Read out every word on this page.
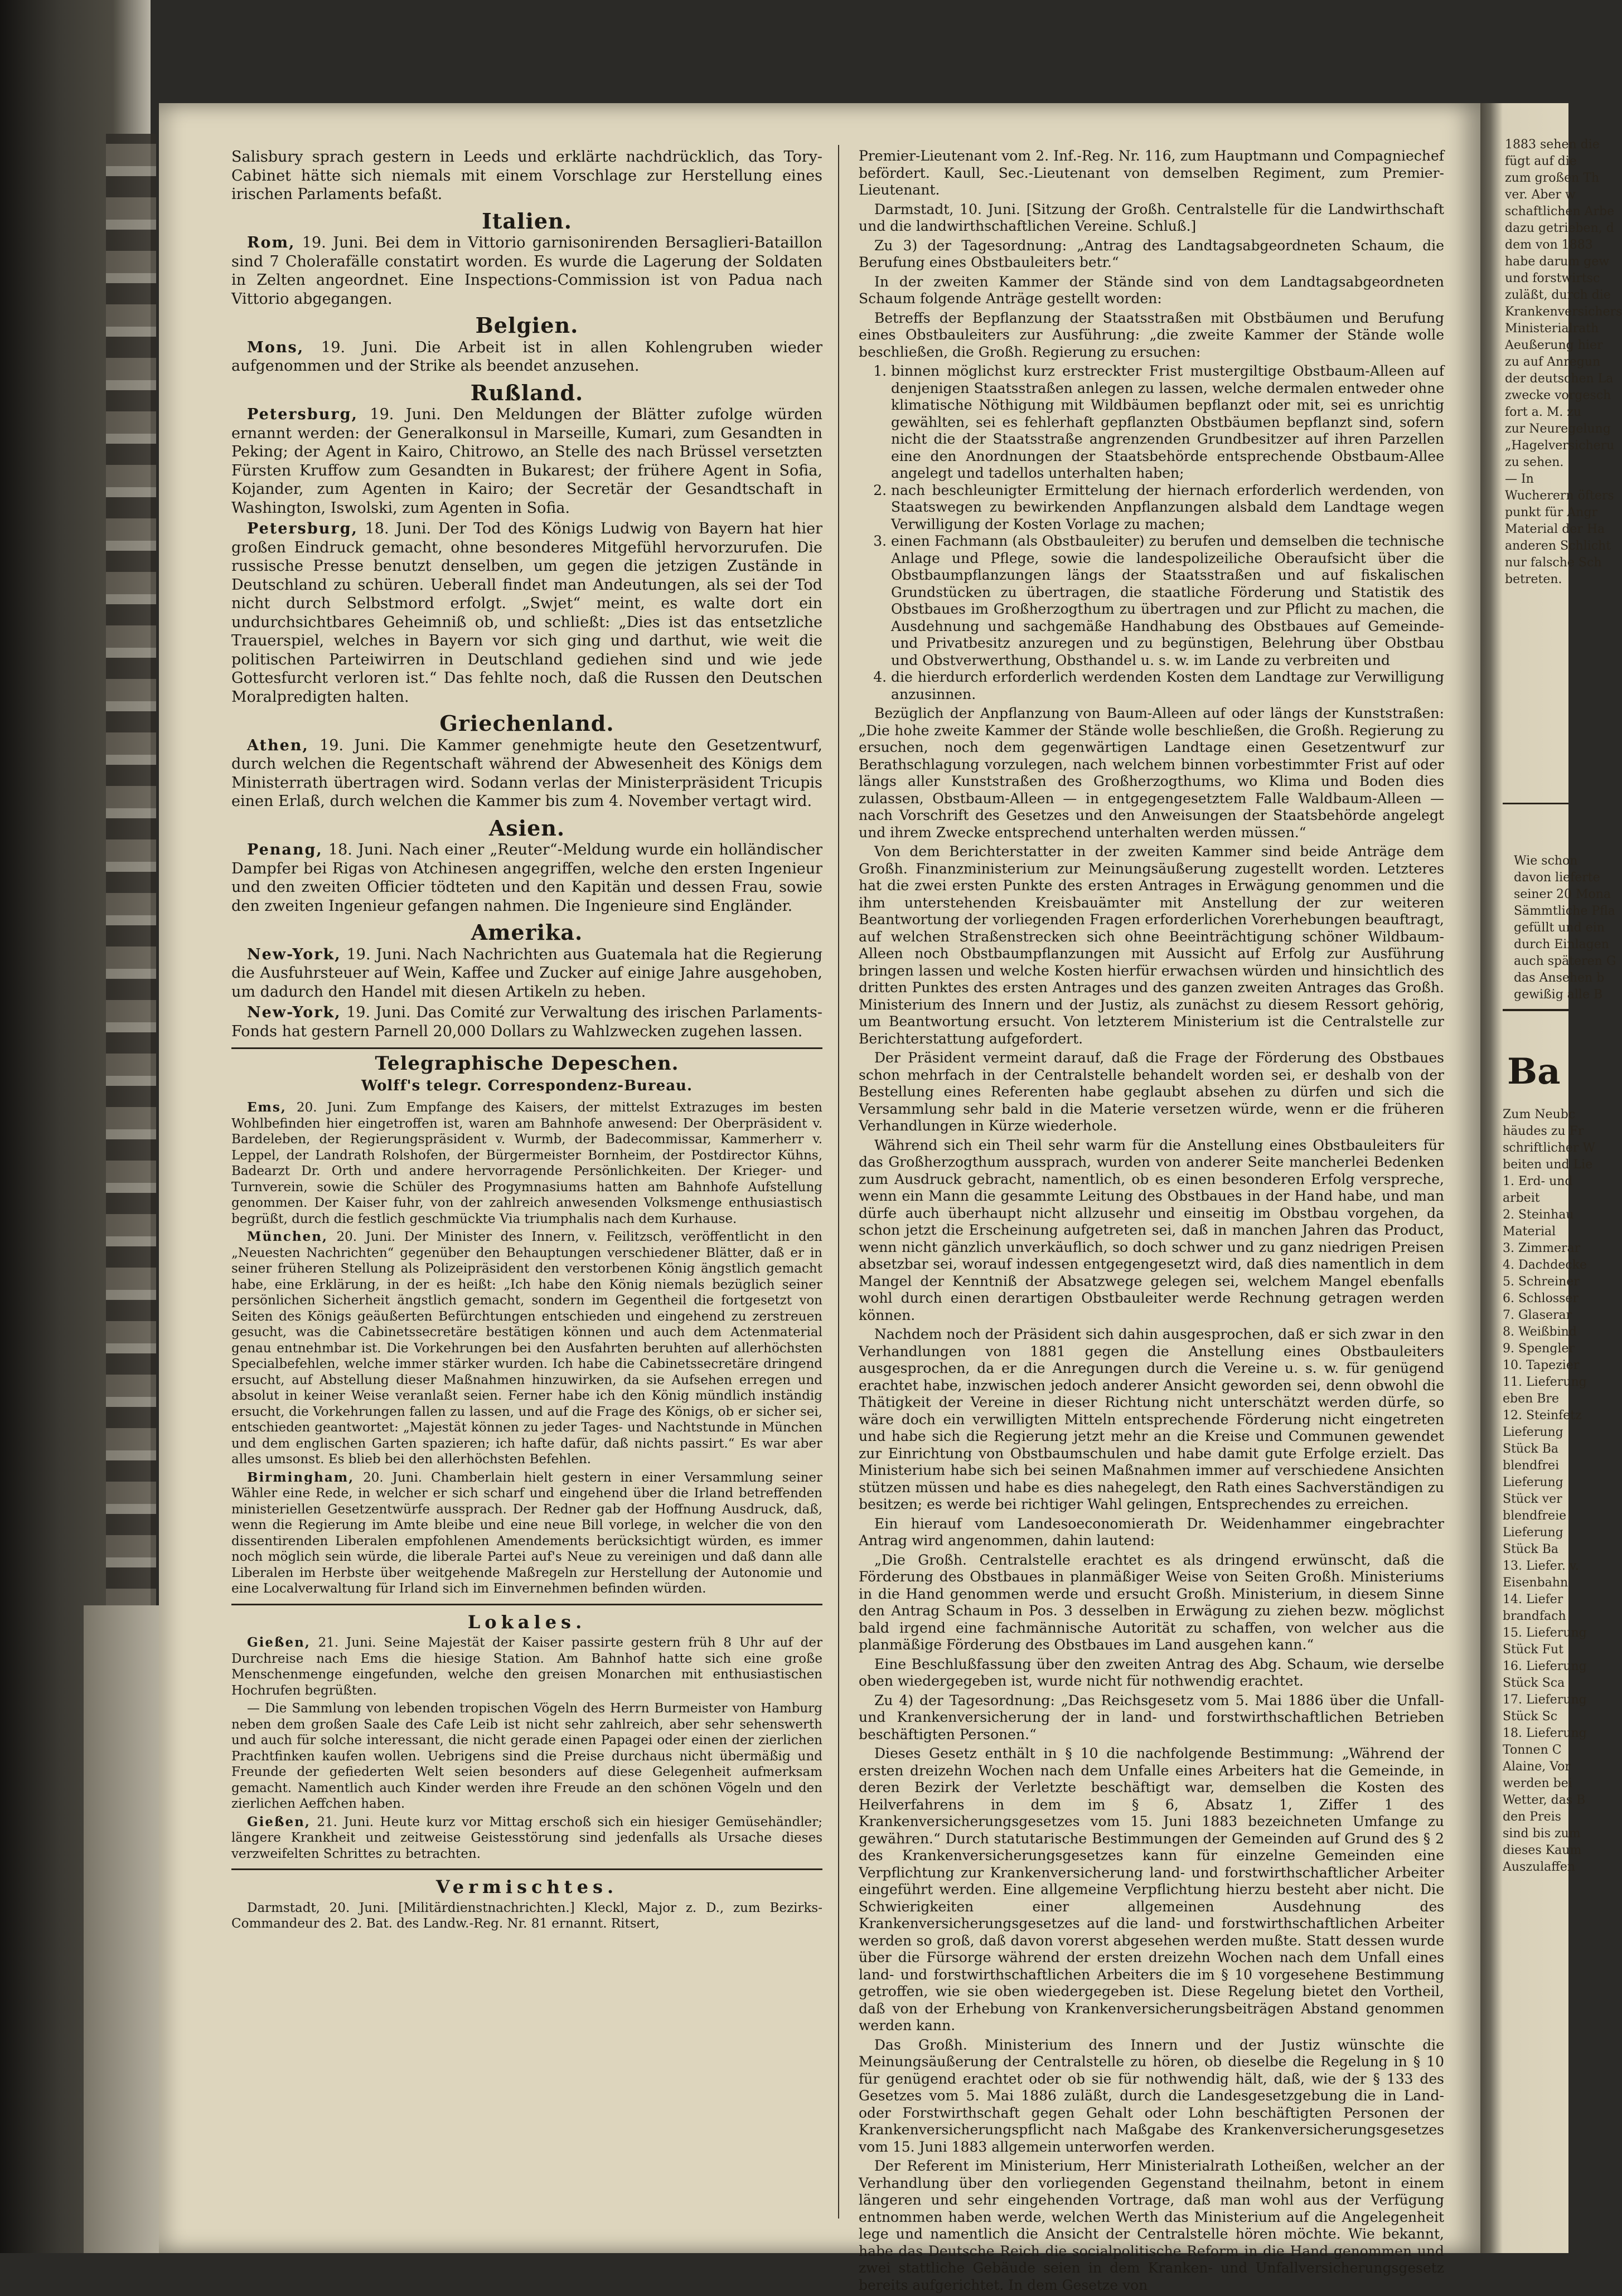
Salisbury sprach gestern in Leeds und erklärte nachdrücklich, das Tory-Cabinet hätte sich niemals mit einem Vorschlage zur Herstellung eines irischen Parlaments befaßt.

Italien.

Rom, 19. Juni. Bei dem in Vittorio garnisonirenden Bersaglieri-Bataillon sind 7 Cholerafälle constatirt worden. Es wurde die Lagerung der Soldaten in Zelten angeordnet. Eine Inspections-Commission ist von Padua nach Vittorio abgegangen.

Belgien.

Mons, 19. Juni. Die Arbeit ist in allen Kohlengruben wieder aufgenommen und der Strike als beendet anzusehen.

Rußland.

Petersburg, 19. Juni. Den Meldungen der Blätter zufolge würden ernannt werden: der Generalkonsul in Marseille, Kumari, zum Gesandten in Peking; der Agent in Kairo, Chitrowo, an Stelle des nach Brüssel versetzten Fürsten Kruffow zum Gesandten in Bukarest; der frühere Agent in Sofia, Kojander, zum Agenten in Kairo; der Secretär der Gesandtschaft in Washington, Iswolski, zum Agenten in Sofia.

Petersburg, 18. Juni. Der Tod des Königs Ludwig von Bayern hat hier großen Eindruck gemacht, ohne besonderes Mitgefühl hervorzurufen. Die russische Presse benutzt denselben, um gegen die jetzigen Zustände in Deutschland zu schüren. Ueberall findet man Andeutungen, als sei der Tod nicht durch Selbstmord erfolgt. „Swjet“ meint, es walte dort ein undurchsichtbares Geheimniß ob, und schließt: „Dies ist das entsetzliche Trauerspiel, welches in Bayern vor sich ging und darthut, wie weit die politischen Parteiwirren in Deutschland gediehen sind und wie jede Gottesfurcht verloren ist.“ Das fehlte noch, daß die Russen den Deutschen Moralpredigten halten.

Griechenland.

Athen, 19. Juni. Die Kammer genehmigte heute den Gesetzentwurf, durch welchen die Regentschaft während der Abwesenheit des Königs dem Ministerrath übertragen wird. Sodann verlas der Ministerpräsident Tricupis einen Erlaß, durch welchen die Kammer bis zum 4. November vertagt wird.

Asien.

Penang, 18. Juni. Nach einer „Reuter“-Meldung wurde ein holländischer Dampfer bei Rigas von Atchinesen angegriffen, welche den ersten Ingenieur und den zweiten Officier tödteten und den Kapitän und dessen Frau, sowie den zweiten Ingenieur gefangen nahmen. Die Ingenieure sind Engländer.

Amerika.

New-York, 19. Juni. Nach Nachrichten aus Guatemala hat die Regierung die Ausfuhrsteuer auf Wein, Kaffee und Zucker auf einige Jahre ausgehoben, um dadurch den Handel mit diesen Artikeln zu heben.

New-York, 19. Juni. Das Comité zur Verwaltung des irischen Parlaments-Fonds hat gestern Parnell 20,000 Dollars zu Wahlzwecken zugehen lassen.

Telegraphische Depeschen.
Wolff's telegr. Correspondenz-Bureau.

Ems, 20. Juni. Zum Empfange des Kaisers, der mittelst Extrazuges im besten Wohlbefinden hier eingetroffen ist, waren am Bahnhofe anwesend: Der Oberpräsident v. Bardeleben, der Regierungspräsident v. Wurmb, der Badecommissar, Kammerherr v. Leppel, der Landrath Rolshofen, der Bürgermeister Bornheim, der Postdirector Kühns, Badearzt Dr. Orth und andere hervorragende Persönlichkeiten. Der Krieger- und Turnverein, sowie die Schüler des Progymnasiums hatten am Bahnhofe Aufstellung genommen. Der Kaiser fuhr, von der zahlreich anwesenden Volksmenge enthusiastisch begrüßt, durch die festlich geschmückte Via triumphalis nach dem Kurhause.

München, 20. Juni. Der Minister des Innern, v. Feilitzsch, veröffentlicht in den „Neuesten Nachrichten“ gegenüber den Behauptungen verschiedener Blätter, daß er in seiner früheren Stellung als Polizeipräsident den verstorbenen König ängstlich gemacht habe, eine Erklärung, in der es heißt: „Ich habe den König niemals bezüglich seiner persönlichen Sicherheit ängstlich gemacht, sondern im Gegentheil die fortgesetzt von Seiten des Königs geäußerten Befürchtungen entschieden und eingehend zu zerstreuen gesucht, was die Cabinetssecretäre bestätigen können und auch dem Actenmaterial genau entnehmbar ist. Die Vorkehrungen bei den Ausfahrten beruhten auf allerhöchsten Specialbefehlen, welche immer stärker wurden. Ich habe die Cabinetssecretäre dringend ersucht, auf Abstellung dieser Maßnahmen hinzuwirken, da sie Aufsehen erregen und absolut in keiner Weise veranlaßt seien. Ferner habe ich den König mündlich inständig ersucht, die Vorkehrungen fallen zu lassen, und auf die Frage des Königs, ob er sicher sei, entschieden geantwortet: „Majestät können zu jeder Tages- und Nachtstunde in München und dem englischen Garten spazieren; ich hafte dafür, daß nichts passirt.“ Es war aber alles umsonst. Es blieb bei den allerhöchsten Befehlen.

Birmingham, 20. Juni. Chamberlain hielt gestern in einer Versammlung seiner Wähler eine Rede, in welcher er sich scharf und eingehend über die Irland betreffenden ministeriellen Gesetzentwürfe aussprach. Der Redner gab der Hoffnung Ausdruck, daß, wenn die Regierung im Amte bleibe und eine neue Bill vorlege, in welcher die von den dissentirenden Liberalen empfohlenen Amendements berücksichtigt würden, es immer noch möglich sein würde, die liberale Partei auf's Neue zu vereinigen und daß dann alle Liberalen im Herbste über weitgehende Maßregeln zur Herstellung der Autonomie und eine Localverwaltung für Irland sich im Einvernehmen befinden würden.

Lokales.

Gießen, 21. Juni. Seine Majestät der Kaiser passirte gestern früh 8 Uhr auf der Durchreise nach Ems die hiesige Station. Am Bahnhof hatte sich eine große Menschenmenge eingefunden, welche den greisen Monarchen mit enthusiastischen Hochrufen begrüßten.

— Die Sammlung von lebenden tropischen Vögeln des Herrn Burmeister von Hamburg neben dem großen Saale des Cafe Leib ist nicht sehr zahlreich, aber sehr sehenswerth und auch für solche interessant, die nicht gerade einen Papagei oder einen der zierlichen Prachtfinken kaufen wollen. Uebrigens sind die Preise durchaus nicht übermäßig und Freunde der gefiederten Welt seien besonders auf diese Gelegenheit aufmerksam gemacht. Namentlich auch Kinder werden ihre Freude an den schönen Vögeln und den zierlichen Aeffchen haben.

Gießen, 21. Juni. Heute kurz vor Mittag erschoß sich ein hiesiger Gemüsehändler; längere Krankheit und zeitweise Geistesstörung sind jedenfalls als Ursache dieses verzweifelten Schrittes zu betrachten.

Vermischtes.

Darmstadt, 20. Juni. [Militärdienstnachrichten.] Kleckl, Major z. D., zum Bezirks-Commandeur des 2. Bat. des Landw.-Reg. Nr. 81 ernannt. Ritsert,

Premier-Lieutenant vom 2. Inf.-Reg. Nr. 116, zum Hauptmann und Compagniechef befördert. Kaull, Sec.-Lieutenant von demselben Regiment, zum Premier-Lieutenant.

Darmstadt, 10. Juni. [Sitzung der Großh. Centralstelle für die Landwirthschaft und die landwirthschaftlichen Vereine. Schluß.]

Zu 3) der Tagesordnung: „Antrag des Landtagsabgeordneten Schaum, die Berufung eines Obstbauleiters betr.“

In der zweiten Kammer der Stände sind von dem Landtagsabgeordneten Schaum folgende Anträge gestellt worden:

Betreffs der Bepflanzung der Staatsstraßen mit Obstbäumen und Berufung eines Obstbauleiters zur Ausführung: „die zweite Kammer der Stände wolle beschließen, die Großh. Regierung zu ersuchen:

1. binnen möglichst kurz erstreckter Frist mustergiltige Obstbaum-Alleen auf denjenigen Staatsstraßen anlegen zu lassen, welche dermalen entweder ohne klimatische Nöthigung mit Wildbäumen bepflanzt oder mit, sei es unrichtig gewählten, sei es fehlerhaft gepflanzten Obstbäumen bepflanzt sind, sofern nicht die der Staatsstraße angrenzenden Grundbesitzer auf ihren Parzellen eine den Anordnungen der Staatsbehörde entsprechende Obstbaum-Allee angelegt und tadellos unterhalten haben;
2. nach beschleunigter Ermittelung der hiernach erforderlich werdenden, von Staatswegen zu bewirkenden Anpflanzungen alsbald dem Landtage wegen Verwilligung der Kosten Vorlage zu machen;
3. einen Fachmann (als Obstbauleiter) zu berufen und demselben die technische Anlage und Pflege, sowie die landespolizeiliche Oberaufsicht über die Obstbaumpflanzungen längs der Staatsstraßen und auf fiskalischen Grundstücken zu übertragen, die staatliche Förderung und Statistik des Obstbaues im Großherzogthum zu übertragen und zur Pflicht zu machen, die Ausdehnung und sachgemäße Handhabung des Obstbaues auf Gemeinde- und Privatbesitz anzuregen und zu begünstigen, Belehrung über Obstbau und Obstverwerthung, Obsthandel u. s. w. im Lande zu verbreiten und
4. die hierdurch erforderlich werdenden Kosten dem Landtage zur Verwilligung anzusinnen.

Bezüglich der Anpflanzung von Baum-Alleen auf oder längs der Kunststraßen: „Die hohe zweite Kammer der Stände wolle beschließen, die Großh. Regierung zu ersuchen, noch dem gegenwärtigen Landtage einen Gesetzentwurf zur Berathschlagung vorzulegen, nach welchem binnen vorbestimmter Frist auf oder längs aller Kunststraßen des Großherzogthums, wo Klima und Boden dies zulassen, Obstbaum-Alleen — in entgegengesetztem Falle Waldbaum-Alleen — nach Vorschrift des Gesetzes und den Anweisungen der Staatsbehörde angelegt und ihrem Zwecke entsprechend unterhalten werden müssen.“

Von dem Berichterstatter in der zweiten Kammer sind beide Anträge dem Großh. Finanzministerium zur Meinungsäußerung zugestellt worden. Letzteres hat die zwei ersten Punkte des ersten Antrages in Erwägung genommen und die ihm unterstehenden Kreisbauämter mit Anstellung der zur weiteren Beantwortung der vorliegenden Fragen erforderlichen Vorerhebungen beauftragt, auf welchen Straßenstrecken sich ohne Beeinträchtigung schöner Wildbaum-Alleen noch Obstbaumpflanzungen mit Aussicht auf Erfolg zur Ausführung bringen lassen und welche Kosten hierfür erwachsen würden und hinsichtlich des dritten Punktes des ersten Antrages und des ganzen zweiten Antrages das Großh. Ministerium des Innern und der Justiz, als zunächst zu diesem Ressort gehörig, um Beantwortung ersucht. Von letzterem Ministerium ist die Centralstelle zur Berichterstattung aufgefordert.

Der Präsident vermeint darauf, daß die Frage der Förderung des Obstbaues schon mehrfach in der Centralstelle behandelt worden sei, er deshalb von der Bestellung eines Referenten habe geglaubt absehen zu dürfen und sich die Versammlung sehr bald in die Materie versetzen würde, wenn er die früheren Verhandlungen in Kürze wiederhole.

Während sich ein Theil sehr warm für die Anstellung eines Obstbauleiters für das Großherzogthum aussprach, wurden von anderer Seite mancherlei Bedenken zum Ausdruck gebracht, namentlich, ob es einen besonderen Erfolg verspreche, wenn ein Mann die gesammte Leitung des Obstbaues in der Hand habe, und man dürfe auch überhaupt nicht allzusehr und einseitig im Obstbau vorgehen, da schon jetzt die Erscheinung aufgetreten sei, daß in manchen Jahren das Product, wenn nicht gänzlich unverkäuflich, so doch schwer und zu ganz niedrigen Preisen absetzbar sei, worauf indessen entgegengesetzt wird, daß dies namentlich in dem Mangel der Kenntniß der Absatzwege gelegen sei, welchem Mangel ebenfalls wohl durch einen derartigen Obstbauleiter werde Rechnung getragen werden können.

Nachdem noch der Präsident sich dahin ausgesprochen, daß er sich zwar in den Verhandlungen von 1881 gegen die Anstellung eines Obstbauleiters ausgesprochen, da er die Anregungen durch die Vereine u. s. w. für genügend erachtet habe, inzwischen jedoch anderer Ansicht geworden sei, denn obwohl die Thätigkeit der Vereine in dieser Richtung nicht unterschätzt werden dürfe, so wäre doch ein verwilligten Mitteln entsprechende Förderung nicht eingetreten und habe sich die Regierung jetzt mehr an die Kreise und Communen gewendet zur Einrichtung von Obstbaumschulen und habe damit gute Erfolge erzielt. Das Ministerium habe sich bei seinen Maßnahmen immer auf verschiedene Ansichten stützen müssen und habe es dies nahegelegt, den Rath eines Sachverständigen zu besitzen; es werde bei richtiger Wahl gelingen, Entsprechendes zu erreichen.

Ein hierauf vom Landesoeconomierath Dr. Weidenhammer eingebrachter Antrag wird angenommen, dahin lautend:

„Die Großh. Centralstelle erachtet es als dringend erwünscht, daß die Förderung des Obstbaues in planmäßiger Weise von Seiten Großh. Ministeriums in die Hand genommen werde und ersucht Großh. Ministerium, in diesem Sinne den Antrag Schaum in Pos. 3 desselben in Erwägung zu ziehen bezw. möglichst bald irgend eine fachmännische Autorität zu schaffen, von welcher aus die planmäßige Förderung des Obstbaues im Land ausgehen kann.“

Eine Beschlußfassung über den zweiten Antrag des Abg. Schaum, wie derselbe oben wiedergegeben ist, wurde nicht für nothwendig erachtet.

Zu 4) der Tagesordnung: „Das Reichsgesetz vom 5. Mai 1886 über die Unfall- und Krankenversicherung der in land- und forstwirthschaftlichen Betrieben beschäftigten Personen.“

Dieses Gesetz enthält in § 10 die nachfolgende Bestimmung: „Während der ersten dreizehn Wochen nach dem Unfalle eines Arbeiters hat die Gemeinde, in deren Bezirk der Verletzte beschäftigt war, demselben die Kosten des Heilverfahrens in dem im § 6, Absatz 1, Ziffer 1 des Krankenversicherungsgesetzes vom 15. Juni 1883 bezeichneten Umfange zu gewähren.“ Durch statutarische Bestimmungen der Gemeinden auf Grund des § 2 des Krankenversicherungsgesetzes kann für einzelne Gemeinden eine Verpflichtung zur Krankenversicherung land- und forstwirthschaftlicher Arbeiter eingeführt werden. Eine allgemeine Verpflichtung hierzu besteht aber nicht. Die Schwierigkeiten einer allgemeinen Ausdehnung des Krankenversicherungsgesetzes auf die land- und forstwirthschaftlichen Arbeiter werden so groß, daß davon vorerst abgesehen werden mußte. Statt dessen wurde über die Fürsorge während der ersten dreizehn Wochen nach dem Unfall eines land- und forstwirthschaftlichen Arbeiters die im § 10 vorgesehene Bestimmung getroffen, wie sie oben wiedergegeben ist. Diese Regelung bietet den Vortheil, daß von der Erhebung von Krankenversicherungsbeiträgen Abstand genommen werden kann.

Das Großh. Ministerium des Innern und der Justiz wünschte die Meinungsäußerung der Centralstelle zu hören, ob dieselbe die Regelung in § 10 für genügend erachtet oder ob sie für nothwendig hält, daß, wie der § 133 des Gesetzes vom 5. Mai 1886 zuläßt, durch die Landesgesetzgebung die in Land- oder Forstwirthschaft gegen Gehalt oder Lohn beschäftigten Personen der Krankenversicherungspflicht nach Maßgabe des Krankenversicherungsgesetzes vom 15. Juni 1883 allgemein unterworfen werden.

Der Referent im Ministerium, Herr Ministerialrath Lotheißen, welcher an der Verhandlung über den vorliegenden Gegenstand theilnahm, betont in einem längeren und sehr eingehenden Vortrage, daß man wohl aus der Verfügung entnommen haben werde, welchen Werth das Ministerium auf die Angelegenheit lege und namentlich die Ansicht der Centralstelle hören möchte. Wie bekannt, habe das Deutsche Reich die socialpolitische Reform in die Hand genommen und zwei stattliche Gebäude seien in dem Kranken- und Unfallversicherungsgesetz bereits aufgerichtet. In dem Gesetze von

1883 sehen die
fügt auf die
zum großen Th
ver. Aber w
schaftlichen Arbe
dazu getrieben, d
dem von 1883
habe darum gew
und forstwirtsc
zuläßt, durch die
Krankenversichers
Ministerialrath
Aeußerung hier
zu auf Anregun
der deutschen La
zwecke vorgesch
fort a. M. zu
zur Neuregelung
„Hagelversicheru
zu sehen.
— In
Wucherern öfters
punkt für Angr
Material der Ha
anderen Schlicht
nur falsche Sch
betreten.
Wie schon
davon lieferte
seiner 20 Mona
Sämmtliche Pfla
gefüllt und ein
durch Einlagen
auch späteren G
das Ansehen b
gewißig alle B
Ba
Zum Neubc
häudes zu Fr
schriftlicher W
beiten und Lie
1. Erd- und
arbeit
2. Steinhau
Material
3. Zimmerar
4. Dachdecke
5. Schreiner
6. Schlosser
7. Glaserar
8. Weißbind
9. Spengler
10. Tapezier
11. Lieferung
eben Bre
12. Steinfetz
Lieferung
Stück Ba
blendfrei
Lieferung
Stück ver
blendfreie
Lieferung
Stück Ba
13. Liefer. v.
Eisenbahn
14. Liefer
brandfach
15. Lieferung
Stück Fut
16. Lieferung
Stück Sca
17. Lieferung
Stück Sc
18. Lieferung
Tonnen C
Alaine, Vor
werden bei
Wetter, das B
den Preis
sind bis zum
dieses Kaum
Auszulaffen
